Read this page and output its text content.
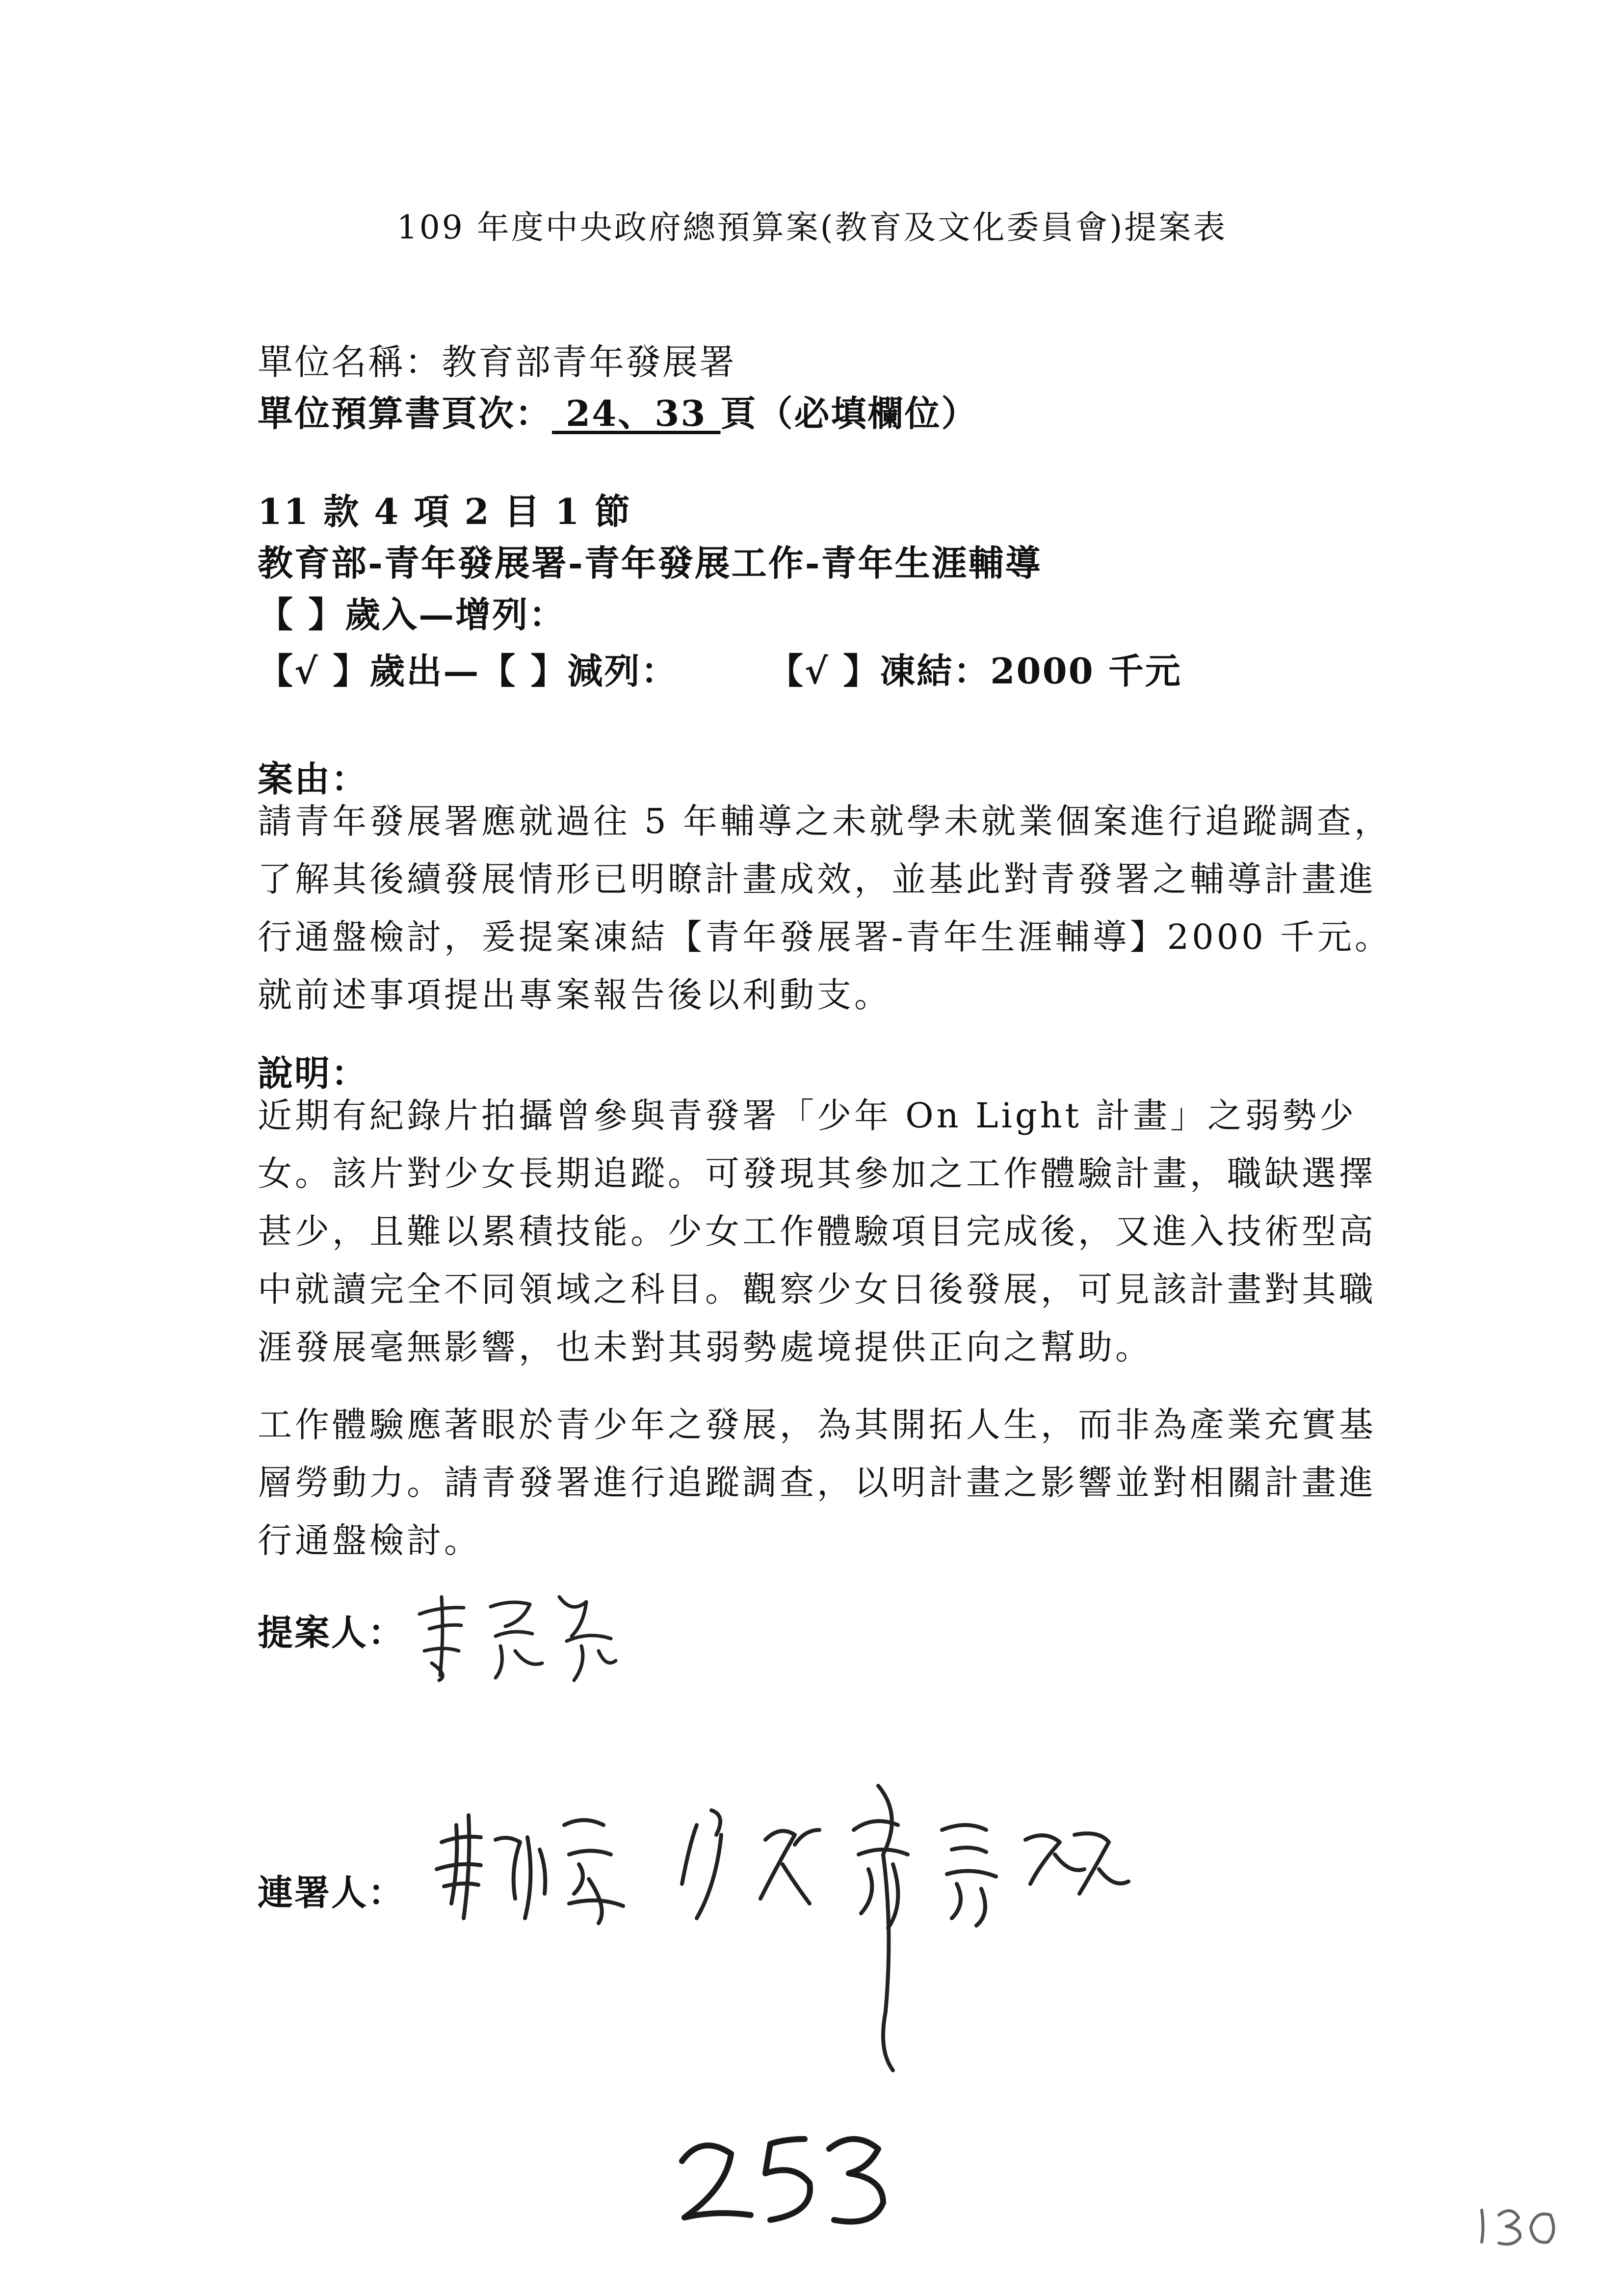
109 年度中央政府總預算案(教育及文化委員會)提案表
單位名稱：教育部青年發展署
單位預算書頁次： 24、33 頁（必填欄位）
11 款 4 項 2 目 1 節
教育部-青年發展署-青年發展工作-青年生涯輔導
【 】歲入—增列：
【√ 】歲出—【 】減列：	【√ 】凍結：2000 千元
案由：

請青年發展署應就過往 5 年輔導之未就學未就業個案進行追蹤調查，了解其後續發展情形已明瞭計畫成效，並基此對青發署之輔導計畫進行通盤檢討，爰提案凍結【青年發展署-青年生涯輔導】2000 千元。就前述事項提出專案報告後以利動支。

說明：

近期有紀錄片拍攝曾參與青發署「少年 On Light 計畫」之弱勢少女。該片對少女長期追蹤。可發現其參加之工作體驗計畫，職缺選擇甚少，且難以累積技能。少女工作體驗項目完成後，又進入技術型高中就讀完全不同領域之科目。觀察少女日後發展，可見該計畫對其職涯發展毫無影響，也未對其弱勢處境提供正向之幫助。

工作體驗應著眼於青少年之發展，為其開拓人生，而非為產業充實基層勞動力。請青發署進行追蹤調查，以明計畫之影響並對相關計畫進行通盤檢討。

提案人：
連署人：
